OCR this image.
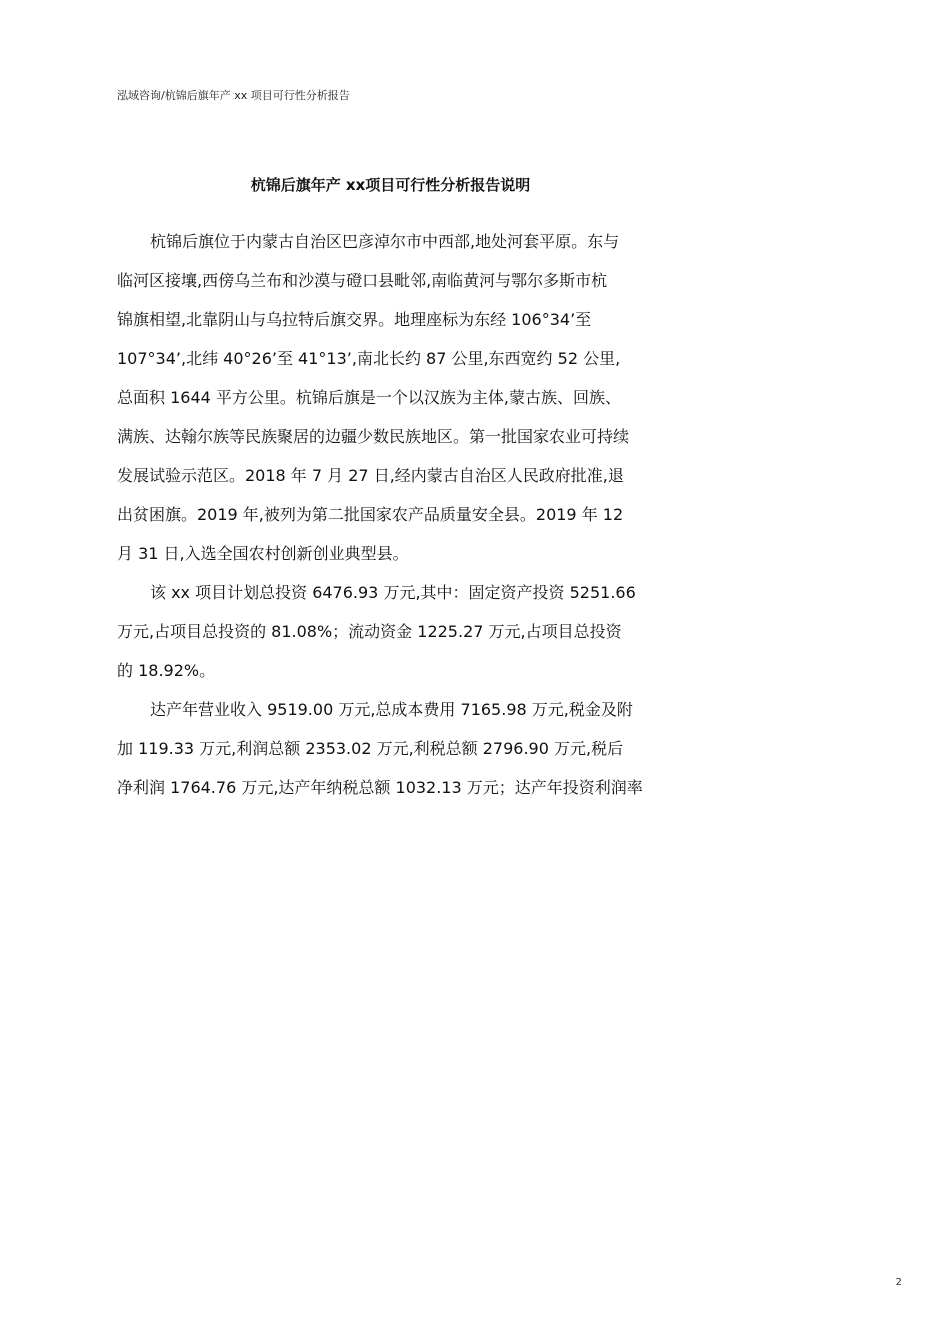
泓域咨询/杭锦后旗年产 xx 项目可行性分析报告
杭锦后旗年产 xx项目可行性分析报告说明
杭锦后旗位于内蒙古自治区巴彦淖尔市中西部,地处河套平原。东与
临河区接壤,西傍乌兰布和沙漠与磴口县毗邻,南临黄河与鄂尔多斯市杭
锦旗相望,北靠阴山与乌拉特后旗交界。地理座标为东经 106°34’至
107°34’,北纬 40°26’至 41°13’,南北长约 87 公里,东西宽约 52 公里,
总面积 1644 平方公里。杭锦后旗是一个以汉族为主体,蒙古族、回族、
满族、达翰尔族等民族聚居的边疆少数民族地区。第一批国家农业可持续
发展试验示范区。2018 年 7 月 27 日,经内蒙古自治区人民政府批准,退
出贫困旗。2019 年,被列为第二批国家农产品质量安全县。2019 年 12
月 31 日,入选全国农村创新创业典型县。
该 xx 项目计划总投资 6476.93 万元,其中：固定资产投资 5251.66
万元,占项目总投资的 81.08%；流动资金 1225.27 万元,占项目总投资
的 18.92%。
达产年营业收入 9519.00 万元,总成本费用 7165.98 万元,税金及附
加 119.33 万元,利润总额 2353.02 万元,利税总额 2796.90 万元,税后
净利润 1764.76 万元,达产年纳税总额 1032.13 万元；达产年投资利润率
2
